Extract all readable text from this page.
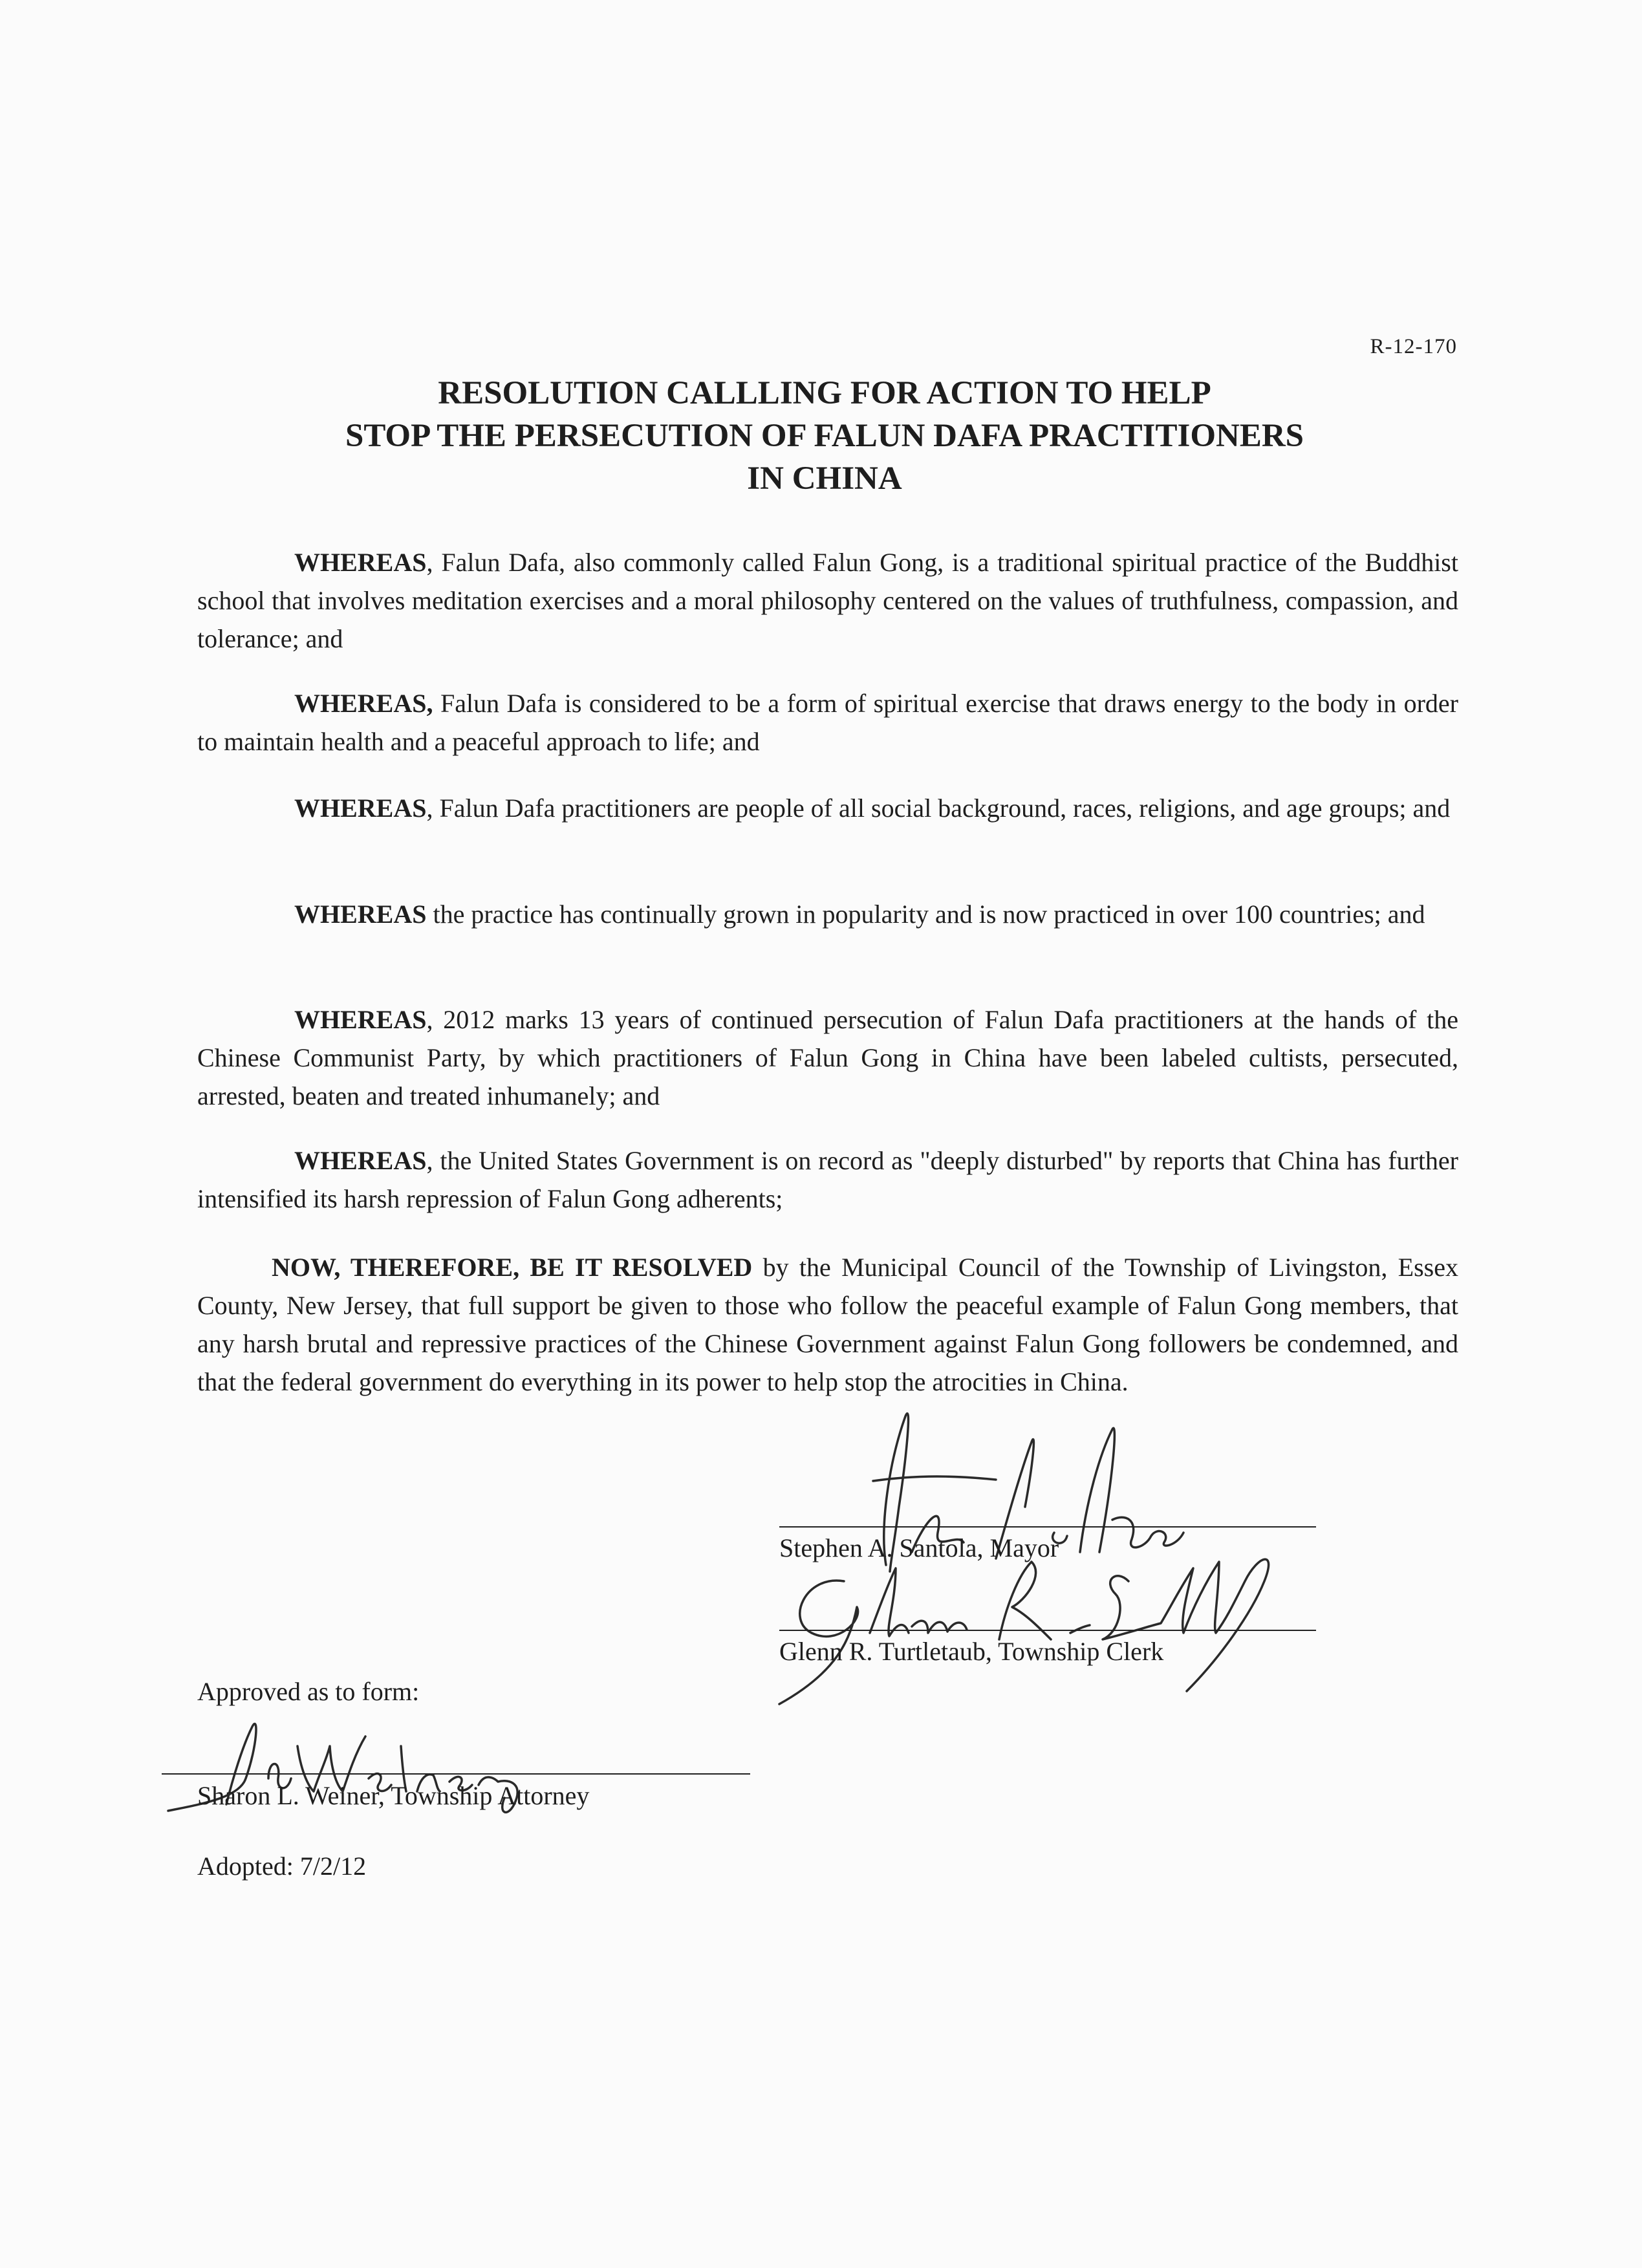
R-12-170
RESOLUTION CALLLING FOR ACTION TO HELP
STOP THE PERSECUTION OF FALUN DAFA PRACTITIONERS
IN CHINA
WHEREAS, Falun Dafa, also commonly called Falun Gong, is a traditional spiritual practice of the Buddhist school that involves meditation exercises and a moral philosophy centered on the values of truthfulness, compassion, and tolerance; and
WHEREAS, Falun Dafa is considered to be a form of spiritual exercise that draws energy to the body in order to maintain health and a peaceful approach to life; and
WHEREAS, Falun Dafa practitioners are people of all social background, races, religions, and age groups; and
WHEREAS the practice has continually grown in popularity and is now practiced in over 100 countries; and
WHEREAS, 2012 marks 13 years of continued persecution of Falun Dafa practitioners at the hands of the Chinese Communist Party, by which practitioners of Falun Gong in China have been labeled cultists, persecuted, arrested, beaten and treated inhumanely; and
WHEREAS, the United States Government is on record as "deeply disturbed" by reports that China has further intensified its harsh repression of Falun Gong adherents;
NOW, THEREFORE, BE IT RESOLVED by the Municipal Council of the Township of Livingston, Essex County, New Jersey, that full support be given to those who follow the peaceful example of Falun Gong members, that any harsh brutal and repressive practices of the Chinese Government against Falun Gong followers be condemned, and that the federal government do everything in its power to help stop the atrocities in China.
Stephen A. Santola, Mayor
Glenn R. Turtletaub, Township Clerk
Approved as to form:
Sharon L. Weiner, Township Attorney
Adopted: 7/2/12
